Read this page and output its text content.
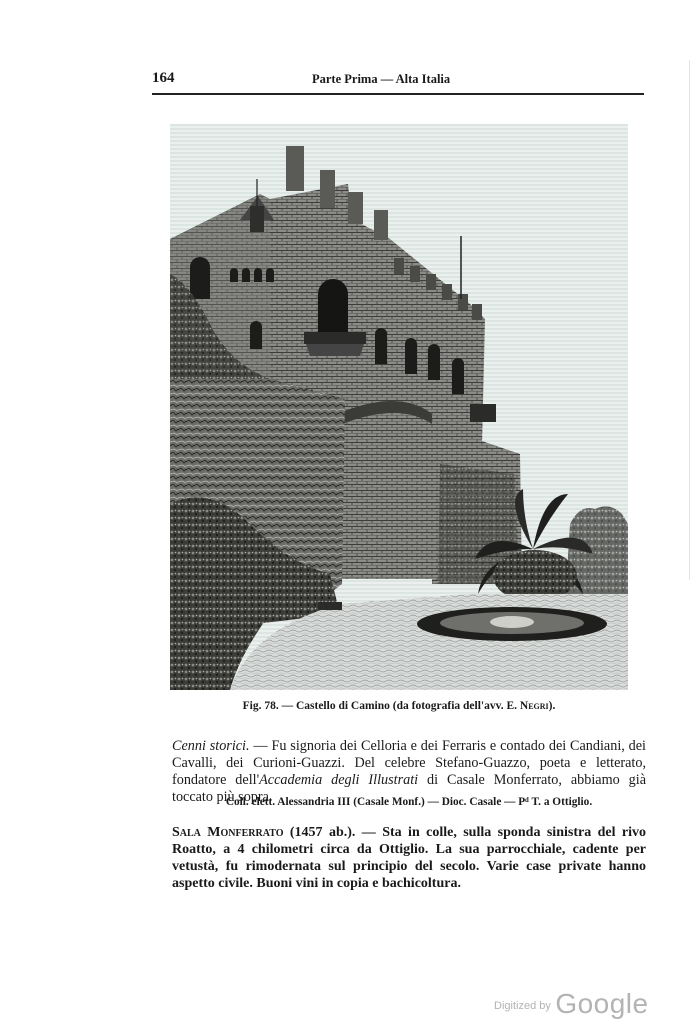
164	Parte Prima — Alta Italia
Fig. 78. — Castello di Camino (da fotografia dell'avv. E. Negri).

Cenni storici. — Fu signoria dei Celloria e dei Ferraris e contado dei Candiani, dei Cavalli, dei Curioni-Guazzi. Del celebre Stefano-Guazzo, poeta e letterato, fondatore dell'Accademia degli Illustrati di Casale Monferrato, abbiamo già toccato più sopra.

Coll. elett. Alessandria III (Casale Monf.) — Dioc. Casale — Pᵈ T. a Ottiglio.

Sala Monferrato (1457 ab.). — Sta in colle, sulla sponda sinistra del rivo Roatto, a 4 chilometri circa da Ottiglio. La sua parrocchiale, cadente per vetustà, fu rimodernata sul principio del secolo. Varie case private hanno aspetto civile. Buoni vini in copia e bachicoltura.

$^{Digitized by}$ Google
